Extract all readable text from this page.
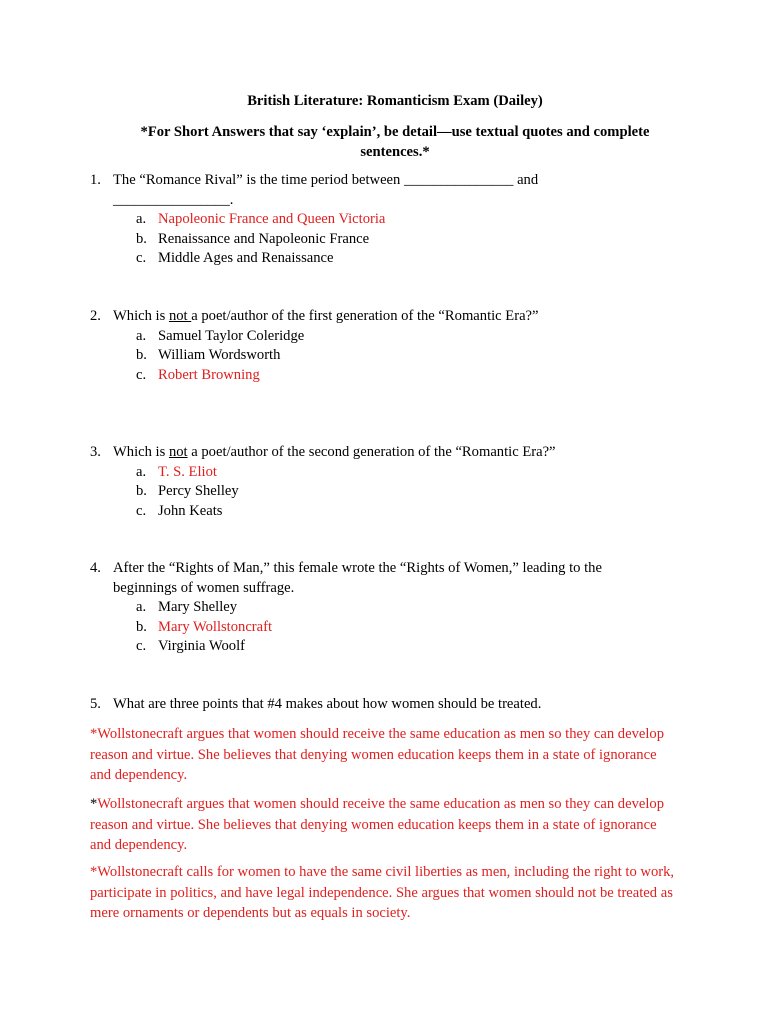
British Literature: Romanticism Exam (Dailey)
*For Short Answers that say ‘explain’, be detail—use textual quotes and complete sentences.*
1. The “Romance Rival” is the time period between _______________ and ________________.
a. Napoleonic France and Queen Victoria
b. Renaissance and Napoleonic France
c. Middle Ages and Renaissance
2. Which is not a poet/author of the first generation of the “Romantic Era?”
a. Samuel Taylor Coleridge
b. William Wordsworth
c. Robert Browning
3. Which is not a poet/author of the second generation of the “Romantic Era?”
a. T. S. Eliot
b. Percy Shelley
c. John Keats
4. After the “Rights of Man,” this female wrote the “Rights of Women,” leading to the beginnings of women suffrage.
a. Mary Shelley
b. Mary Wollstoncraft
c. Virginia Woolf
5. What are three points that #4 makes about how women should be treated.
*Wollstonecraft argues that women should receive the same education as men so they can develop reason and virtue. She believes that denying women education keeps them in a state of ignorance and dependency.
*Wollstonecraft argues that women should receive the same education as men so they can develop reason and virtue. She believes that denying women education keeps them in a state of ignorance and dependency.
*Wollstonecraft calls for women to have the same civil liberties as men, including the right to work, participate in politics, and have legal independence. She argues that women should not be treated as mere ornaments or dependents but as equals in society.
